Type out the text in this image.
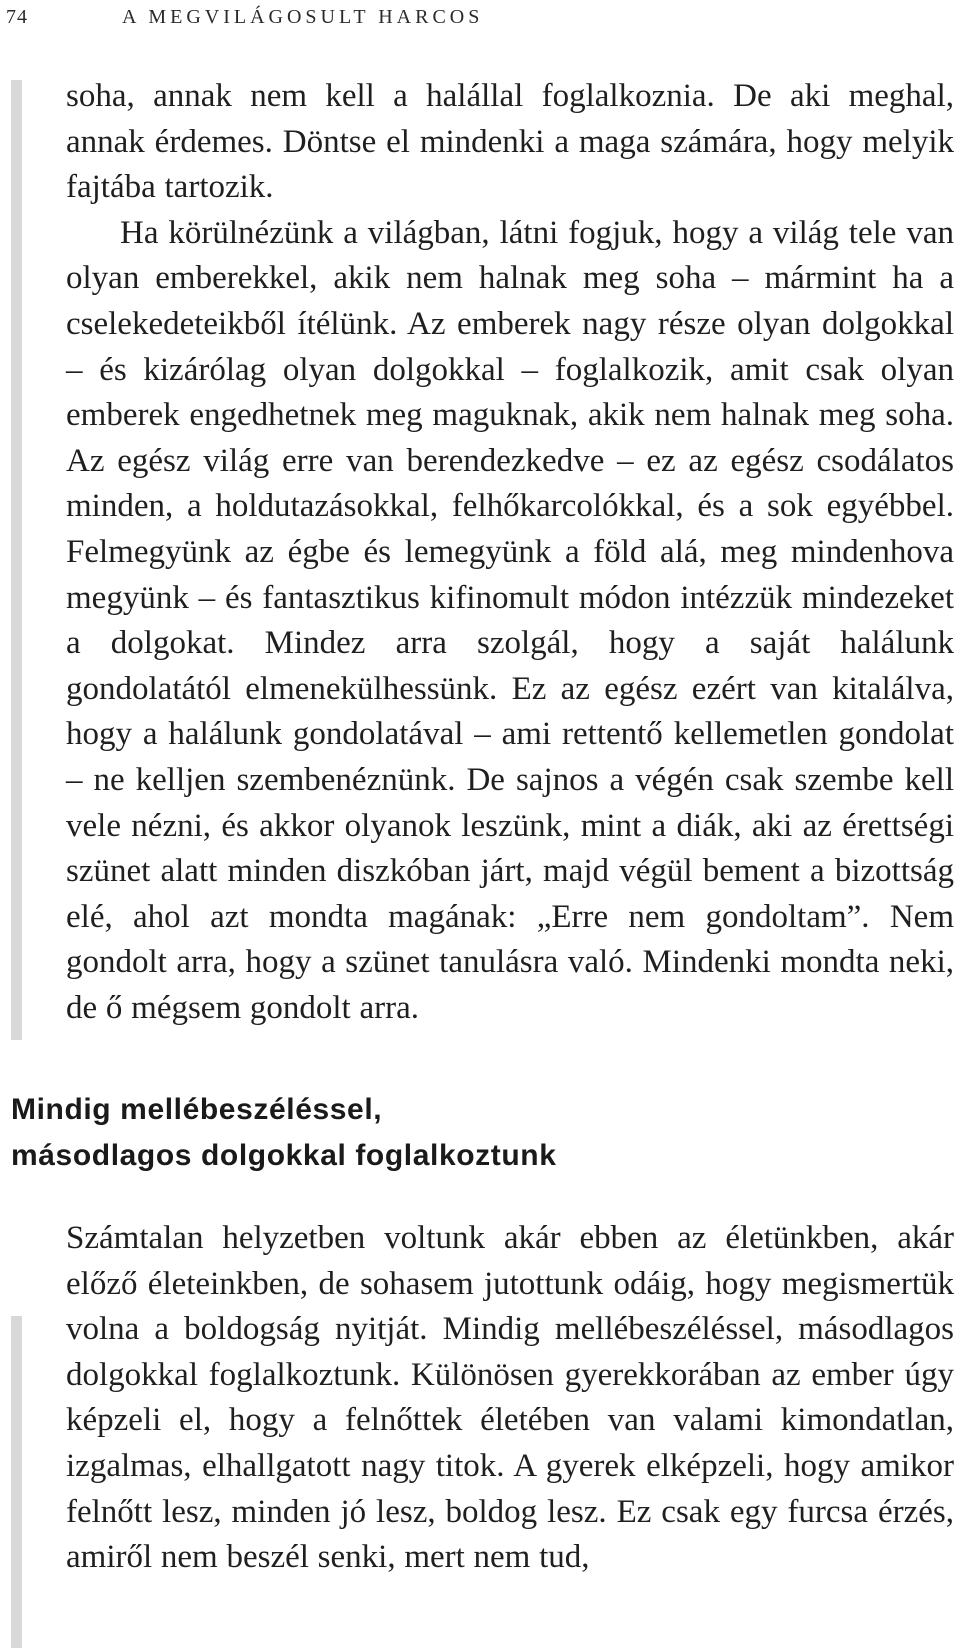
74	A MEGVILÁGOSULT HARCOS

soha, annak nem kell a halállal foglalkoznia. De aki meghal, annak érdemes. Döntse el mindenki a maga számára, hogy melyik fajtába tartozik.

Ha körülnézünk a világban, látni fogjuk, hogy a világ tele van olyan emberekkel, akik nem halnak meg soha – mármint ha a cselekedeteikből ítélünk. Az emberek nagy része olyan dolgokkal – és kizárólag olyan dolgokkal – foglalkozik, amit csak olyan emberek engedhetnek meg maguknak, akik nem halnak meg soha. Az egész világ erre van berendezkedve – ez az egész csodálatos minden, a holdutazásokkal, felhőkarcolókkal, és a sok egyébbel. Felmegyünk az égbe és lemegyünk a föld alá, meg mindenhova megyünk – és fantasztikus kifinomult módon intézzük mindezeket a dolgokat. Mindez arra szolgál, hogy a saját halálunk gondolatától elmenekülhessünk. Ez az egész ezért van kitalálva, hogy a halálunk gondolatával – ami rettentő kellemetlen gondolat – ne kelljen szembenéznünk. De sajnos a végén csak szembe kell vele nézni, és akkor olyanok leszünk, mint a diák, aki az érettségi szünet alatt minden diszkóban járt, majd végül bement a bizottság elé, ahol azt mondta magának: „Erre nem gondoltam”. Nem gondolt arra, hogy a szünet tanulásra való. Mindenki mondta neki, de ő mégsem gondolt arra.

Mindig mellébeszéléssel,
másodlagos dolgokkal foglalkoztunk

Számtalan helyzetben voltunk akár ebben az életünkben, akár előző életeinkben, de sohasem jutottunk odáig, hogy megismertük volna a boldogság nyitját. Mindig mellébeszéléssel, másodlagos dolgokkal foglalkoztunk. Különösen gyerekkorában az ember úgy képzeli el, hogy a felnőttek életében van valami kimondatlan, izgalmas, elhallgatott nagy titok. A gyerek elképzeli, hogy amikor felnőtt lesz, minden jó lesz, boldog lesz. Ez csak egy furcsa érzés, amiről nem beszél senki, mert nem tud,
